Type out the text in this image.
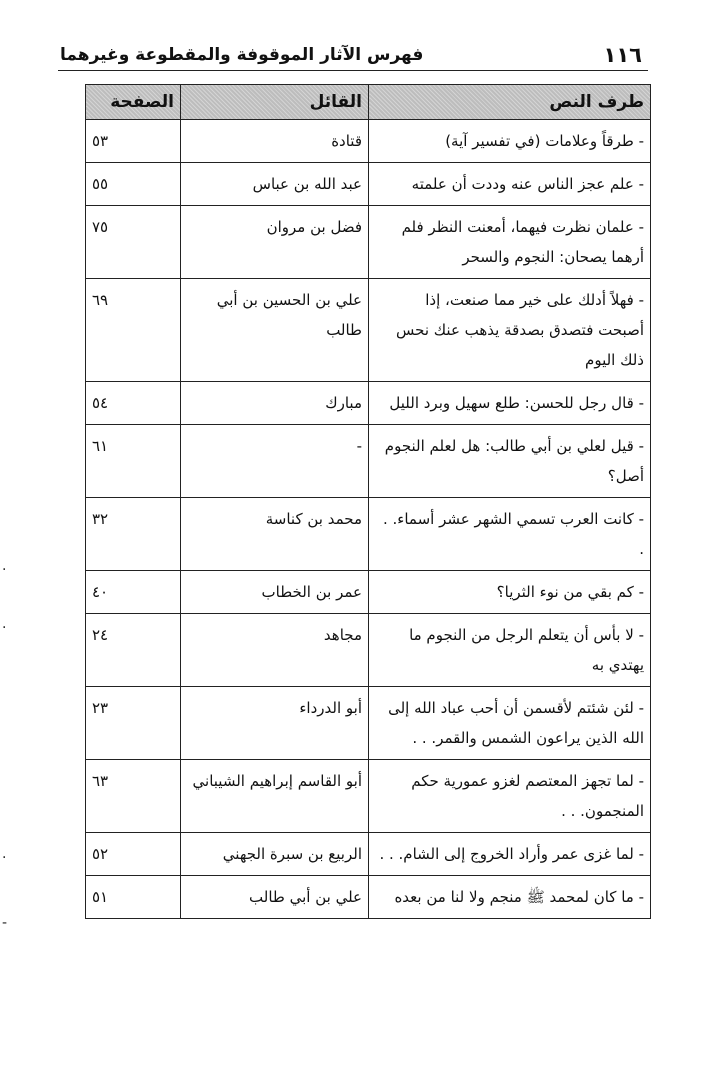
١١٦
فهرس الآثار الموقوفة والمقطوعة وغيرهما
طرف النص	القائل	الصفحة
- طرقاً وعلامات (في تفسير آية)	قتادة	٥٣
- علم عجز الناس عنه وددت أن علمته	عبد الله بن عباس	٥٥
- علمان نظرت فيهما، أمعنت النظر فلم أرهما يصحان: النجوم والسحر	فضل بن مروان	٧٥
- فهلاً أدلك على خير مما صنعت، إذا أصبحت فتصدق بصدقة يذهب عنك نحس ذلك اليوم	علي بن الحسين بن أبي طالب	٦٩
- قال رجل للحسن: طلع سهيل وبرد الليل	مبارك	٥٤
- قيل لعلي بن أبي طالب: هل لعلم النجوم أصل؟	-	٦١
- كانت العرب تسمي الشهر عشر أسماء. . .	محمد بن كناسة	٣٢
- كم بقي من نوء الثريا؟	عمر بن الخطاب	٤٠
- لا بأس أن يتعلم الرجل من النجوم ما يهتدي به	مجاهد	٢٤
- لئن شئتم لأقسمن أن أحب عباد الله إلى الله الذين يراعون الشمس والقمر. . .	أبو الدرداء	٢٣
- لما تجهز المعتصم لغزو عمورية حكم المنجمون. . .	أبو القاسم إبراهيم الشيباني	٦٣
- لما غزى عمر وأراد الخروج إلى الشام. . .	الربيع بن سبرة الجهني	٥٢
- ما كان لمحمد ﷺ منجم ولا لنا من بعده	علي بن أبي طالب	٥١
·
·
·
-
